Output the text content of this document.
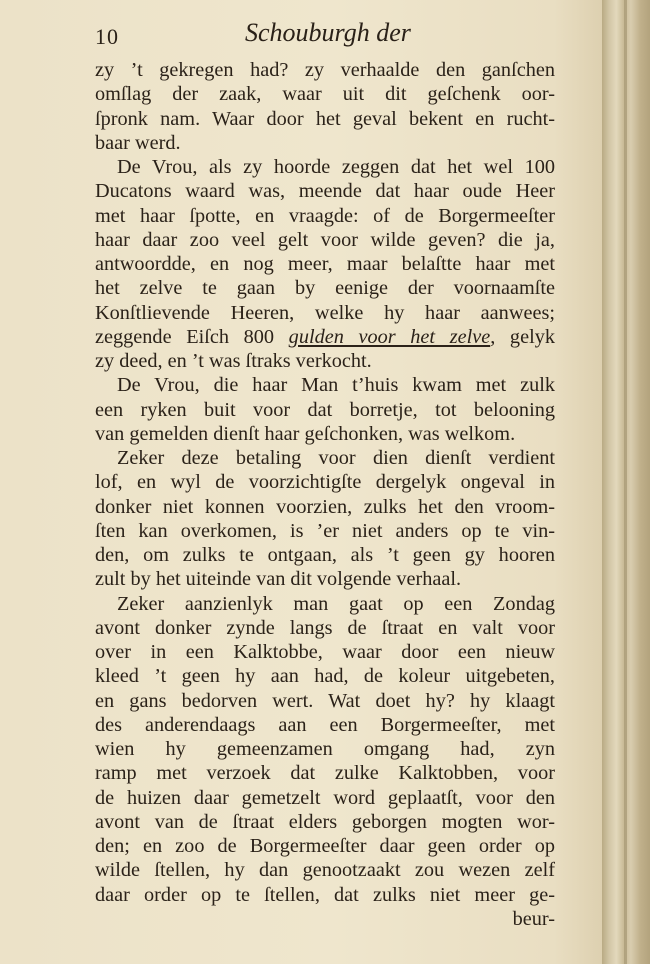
10	Schouburgh der
zy ’t gekregen had? zy verhaalde den ganſchen
omſlag der zaak, waar uit dit geſchenk oor-
ſpronk nam. Waar door het geval bekent en rucht-
baar werd.
De Vrou, als zy hoorde zeggen dat het wel 100
Ducatons waard was, meende dat haar oude Heer
met haar ſpotte, en vraagde: of de Borgermeeſter
haar daar zoo veel gelt voor wilde geven? die ja,
antwoordde, en nog meer, maar belaſtte haar met
het zelve te gaan by eenige der voornaamſte
Konſtlievende Heeren, welke hy haar aanwees;
zeggende Eiſch 800 gulden voor het zelve, gelyk
zy deed, en ’t was ſtraks verkocht.
De Vrou, die haar Man t’huis kwam met zulk
een ryken buit voor dat borretje, tot belooning
van gemelden dienſt haar geſchonken, was welkom.
Zeker deze betaling voor dien dienſt verdient
lof, en wyl de voorzichtigſte dergelyk ongeval in
donker niet konnen voorzien, zulks het den vroom-
ſten kan overkomen, is ’er niet anders op te vin-
den, om zulks te ontgaan, als ’t geen gy hooren
zult by het uiteinde van dit volgende verhaal.
Zeker aanzienlyk man gaat op een Zondag
avont donker zynde langs de ſtraat en valt voor
over in een Kalktobbe, waar door een nieuw
kleed ’t geen hy aan had, de koleur uitgebeten,
en gans bedorven wert. Wat doet hy? hy klaagt
des anderendaags aan een Borgermeeſter, met
wien hy gemeenzamen omgang had, zyn
ramp met verzoek dat zulke Kalktobben, voor
de huizen daar gemetzelt word geplaatſt, voor den
avont van de ſtraat elders geborgen mogten wor-
den; en zoo de Borgermeeſter daar geen order op
wilde ſtellen, hy dan genootzaakt zou wezen zelf
daar order op te ſtellen, dat zulks niet meer ge-
beur-
